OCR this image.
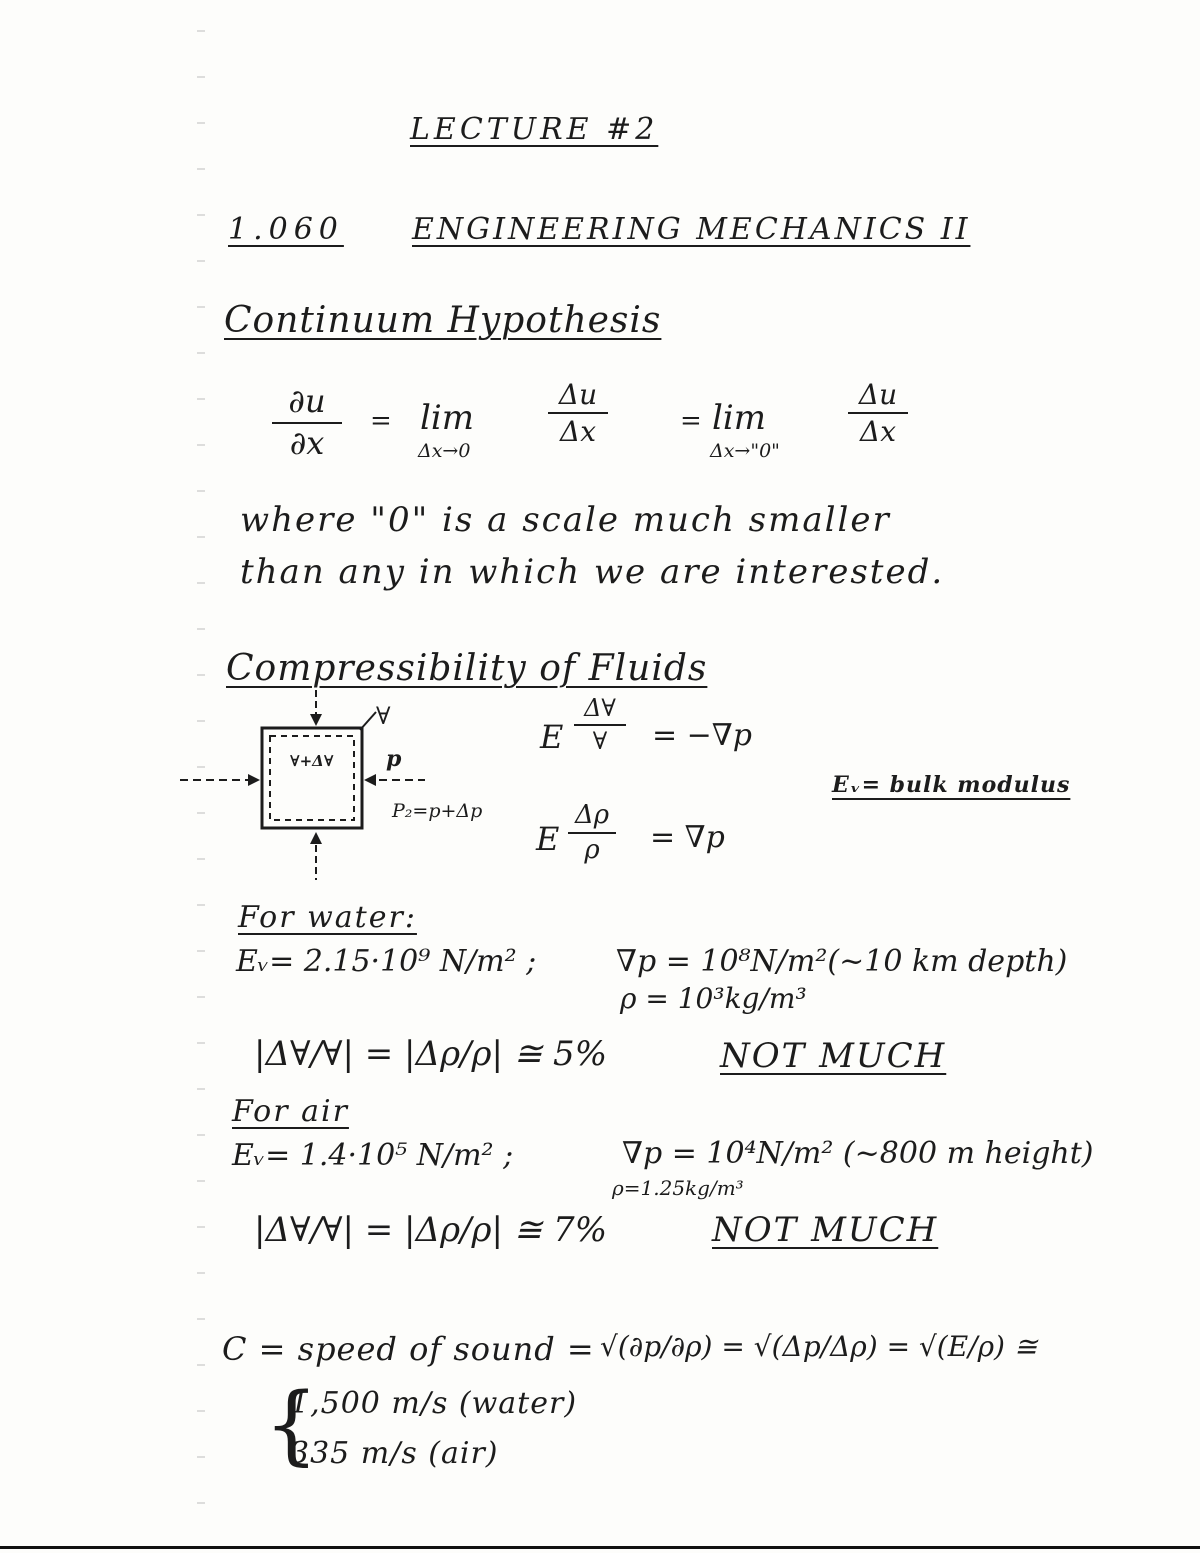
LECTURE #2
1.060 ENGINEERING MECHANICS II
Continuum Hypothesis
∂u
∂x
= lim
Δx→0
Δu
Δx	= lim
Δx→"0"
Δu
Δx
where "0" is a scale much smaller
than any in which we are interested.
Compressibility of Fluids
∀
∀+Δ∀ p
P₂=p+Δp
E
Δ∀
∀	= −∇p
E
Δρ
ρ	= ∇p
Eᵥ= bulk modulus
For water:
Eᵥ= 2.15·10⁹ N/m² ;	∇p = 10⁸N/m²(~10 km depth)
ρ = 10³kg/m³
|Δ∀/∀| = |Δρ/ρ| ≅ 5%	NOT MUCH
For air
Eᵥ= 1.4·10⁵ N/m² ;	∇p = 10⁴N/m² (~800 m height)
ρ=1.25kg/m³
|Δ∀/∀| = |Δρ/ρ| ≅ 7%	NOT MUCH
C = speed of sound = √(∂p/∂ρ) = √(Δp/Δρ) = √(E/ρ) ≅
{
1,500 m/s (water)
335 m/s (air)
